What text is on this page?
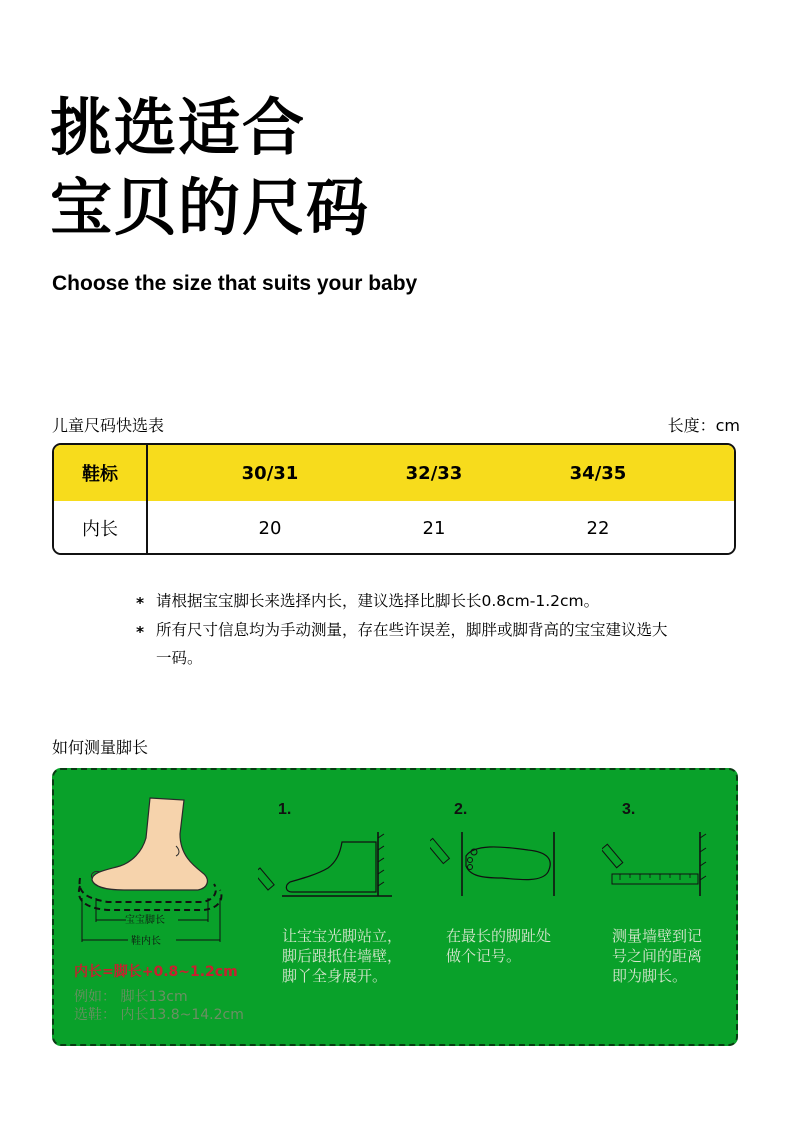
挑选适合
宝贝的尺码
Choose the size that suits your baby
儿童尺码快选表	长度：cm
鞋标	30/31	32/33	34/35
内长	20	21	22
* 请根据宝宝脚长来选择内长，建议选择比脚长长0.8cm-1.2cm。
* 所有尺寸信息均为手动测量，存在些许误差，脚胖或脚背高的宝宝建议选大一码。
如何测量脚长
宝宝脚长
鞋内长
内长=脚长+0.8~1.2cm
例如： 脚长13cm
选鞋： 内长13.8~14.2cm
1.
让宝宝光脚站立，
脚后跟抵住墙壁，
脚丫全身展开。
2.
在最长的脚趾处
做个记号。
3.
测量墙壁到记
号之间的距离
即为脚长。
